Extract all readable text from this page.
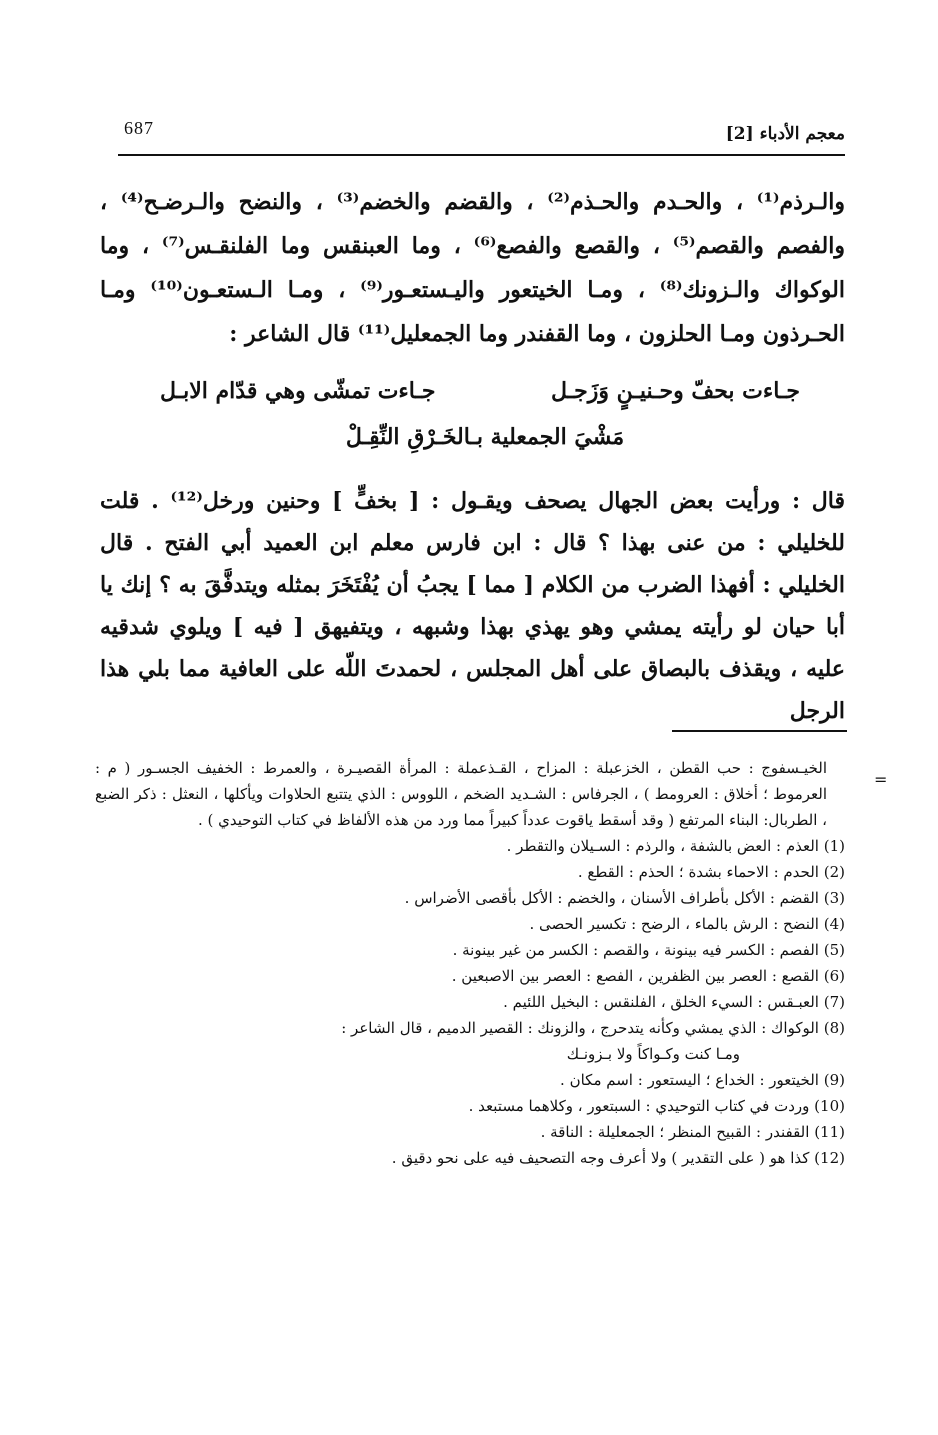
687	معجم الأدباء [2]

والـرذم⁽¹⁾ ، والحـدم والحـذم⁽²⁾ ، والقضم والخضم⁽³⁾ ، والنضح والـرضـح⁽⁴⁾ ، والفصم والقصم⁽⁵⁾ ، والقصع والفصع⁽⁶⁾ ، وما العبنقس وما الفلنقـس⁽⁷⁾ ، وما الوكواك والـزونك⁽⁸⁾ ، ومـا الخيتعور واليـستعـور⁽⁹⁾ ، ومـا الـستعـون⁽¹⁰⁾ ومـا الحـرذون ومـا الحلزون ، وما القفندر وما الجمعليل⁽¹¹⁾ قال الشاعر :

جـاءت بحفّ وحـنيـنٍ وَزَجـل
جـاءت تمشّى وهي قدّام الابـل
مَشْيَ الجمعلية بـالخَـرْقِ النِّقِـلْ

قال : ورأيت بعض الجهال يصحف ويقـول : [ بخفٍّ ] وحنين ورخل⁽¹²⁾ . قلت للخليلي : من عنى بهذا ؟ قال : ابن فارس معلم ابن العميد أبي الفتح . قال الخليلي : أفهذا الضرب من الكلام [ مما ] يجبُ أن يُفْتَخَرَ بمثله ويتدفَّقَ به ؟ إنك يا أبا حيان لو رأيته يمشي وهو يهذي بهذا وشبهه ، ويتفيهق [ فيه ] ويلوي شدقيه عليه ، ويقذف بالبصاق على أهل المجلس ، لحمدتَ اللّه على العافية مما بلي هذا الرجل

=

الخيـسفوج : حب القطن ، الخزعبلة : المزاح ، القـذعملة : المرأة القصيـرة ، والعمرط : الخفيف الجسـور ( م : العرموط ؛ أخلاق : العرومط ) ، الجرفاس : الشـديد الضخم ، اللووس : الذي يتتبع الحلاوات ويأكلها ، النعثل : ذكر الضبع ، الطربال: البناء المرتفع ( وقد أسقط ياقوت عدداً كبيراً مما ورد من هذه الألفاظ في كتاب التوحيدي ) .

(1) العذم : العض بالشفة ، والرذم : السـيلان والتقطر .

(2) الحدم : الاحماء بشدة ؛ الحذم : القطع .

(3) القضم : الأكل بأطراف الأسنان ، والخضم : الأكل بأقصى الأضراس .

(4) النضح : الرش بالماء ، الرضح : تكسير الحصى .

(5) الفصم : الكسر فيه بينونة ، والقصم : الكسر من غير بينونة .

(6) القصع : العصر بين الظفرين ، الفصع : العصر بين الاصبعين .

(7) العبـقس : السيء الخلق ، الفلنقس : البخيل اللئيم .

(8) الوكواك : الذي يمشي وكأنه يتدحرج ، والزونك : القصير الدميم ، قال الشاعر :

ومـا كنت وكـواكاً ولا بـزونـك

(9) الخيتعور : الخداع ؛ اليستعور : اسم مكان .

(10) وردت في كتاب التوحيدي : السبتعور ، وكلاهما مستبعد .

(11) القفندر : القبيح المنظر ؛ الجمعليلة : الناقة .

(12) كذا هو ( على التقدير ) ولا أعرف وجه التصحيف فيه على نحو دقيق .
